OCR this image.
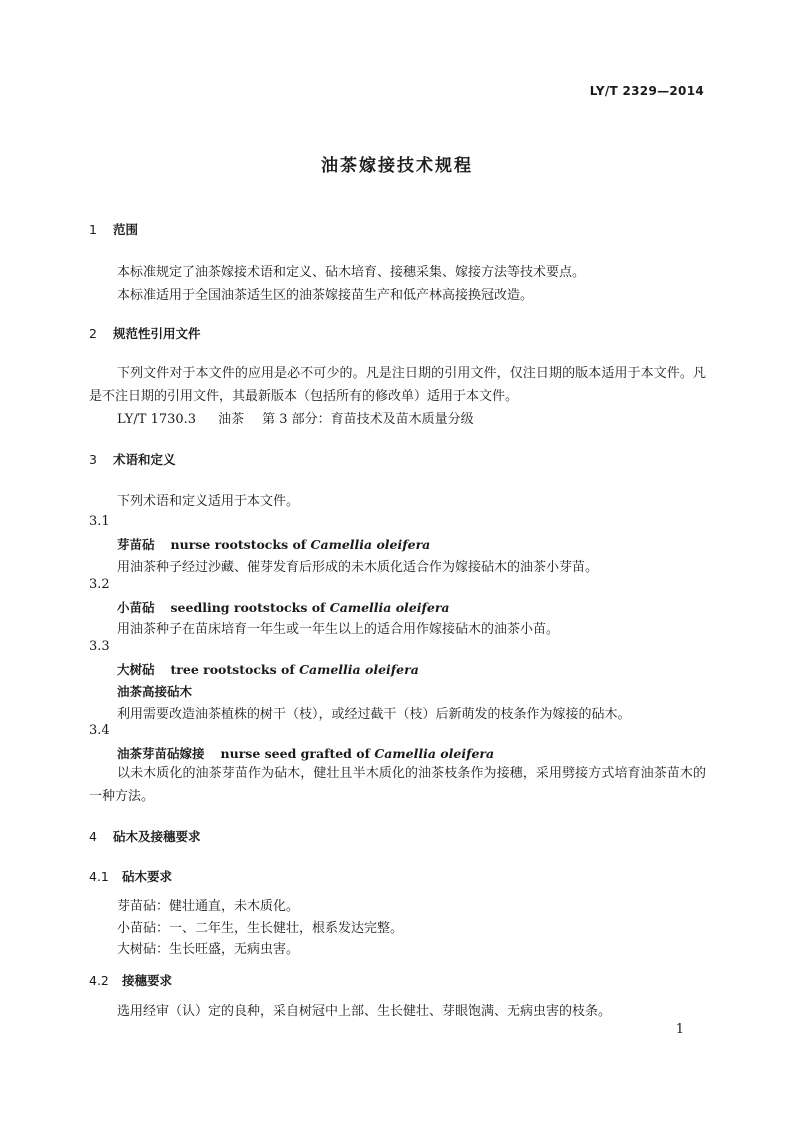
LY/T 2329—2014
油茶嫁接技术规程
1 范围
本标准规定了油茶嫁接术语和定义、砧木培育、接穗采集、嫁接方法等技术要点。
本标准适用于全国油茶适生区的油茶嫁接苗生产和低产林高接换冠改造。
2 规范性引用文件
下列文件对于本文件的应用是必不可少的。凡是注日期的引用文件，仅注日期的版本适用于本文件。凡是不注日期的引用文件，其最新版本（包括所有的修改单）适用于本文件。
LY/T 1730.3 油茶 第 3 部分：育苗技术及苗木质量分级
3 术语和定义
下列术语和定义适用于本文件。
3.1
芽苗砧 nurse rootstocks of Camellia oleifera
用油茶种子经过沙藏、催芽发育后形成的未木质化适合作为嫁接砧木的油茶小芽苗。
3.2
小苗砧 seedling rootstocks of Camellia oleifera
用油茶种子在苗床培育一年生或一年生以上的适合用作嫁接砧木的油茶小苗。
3.3
大树砧 tree rootstocks of Camellia oleifera
油茶高接砧木
利用需要改造油茶植株的树干（枝），或经过截干（枝）后新萌发的枝条作为嫁接的砧木。
3.4
油茶芽苗砧嫁接 nurse seed grafted of Camellia oleifera
以未木质化的油茶芽苗作为砧木，健壮且半木质化的油茶枝条作为接穗，采用劈接方式培育油茶苗木的一种方法。
4 砧木及接穗要求
4.1 砧木要求
芽苗砧：健壮通直，未木质化。
小苗砧：一、二年生，生长健壮，根系发达完整。
大树砧：生长旺盛，无病虫害。
4.2 接穗要求
选用经审（认）定的良种，采自树冠中上部、生长健壮、芽眼饱满、无病虫害的枝条。
1
